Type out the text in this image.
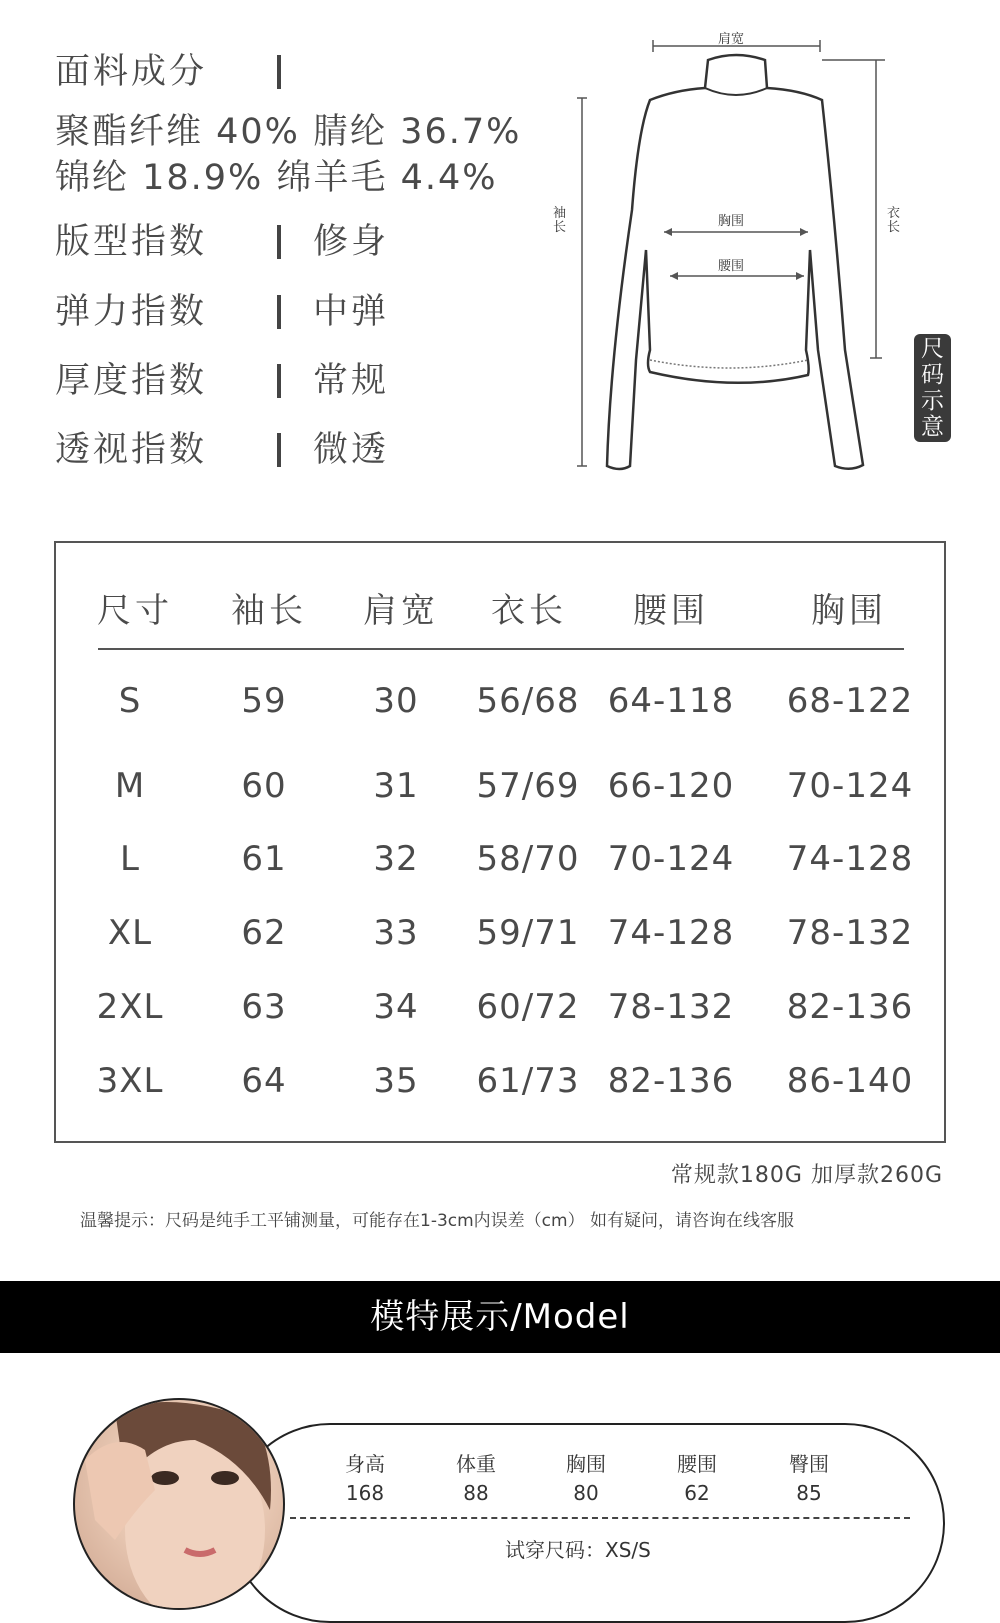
面料成分
聚酯纤维 40% 腈纶 36.7%
锦纶 18.9% 绵羊毛 4.4%
版型指数	修身
弹力指数	中弹
厚度指数	常规
透视指数	微透
肩宽
袖长
衣长
胸围
腰围
尺码示意
尺寸	袖长	肩宽	衣长	腰围	胸围
S	59	30	56/68 64-118 68-122
M	60	31	57/69 66-120 70-124
L	61	32	58/70 70-124 74-128
XL	62	33	59/71 74-128 78-132
2XL	63	34	60/72 78-132 82-136
3XL	64	35	61/73 82-136 86-140
常规款180G 加厚款260G
温馨提示：尺码是纯手工平铺测量，可能存在1-3cm内误差（cm） 如有疑问，请咨询在线客服
模特展示/Model
身高
168
体重
88
胸围
80
腰围
62
臀围
85
试穿尺码：XS/S
